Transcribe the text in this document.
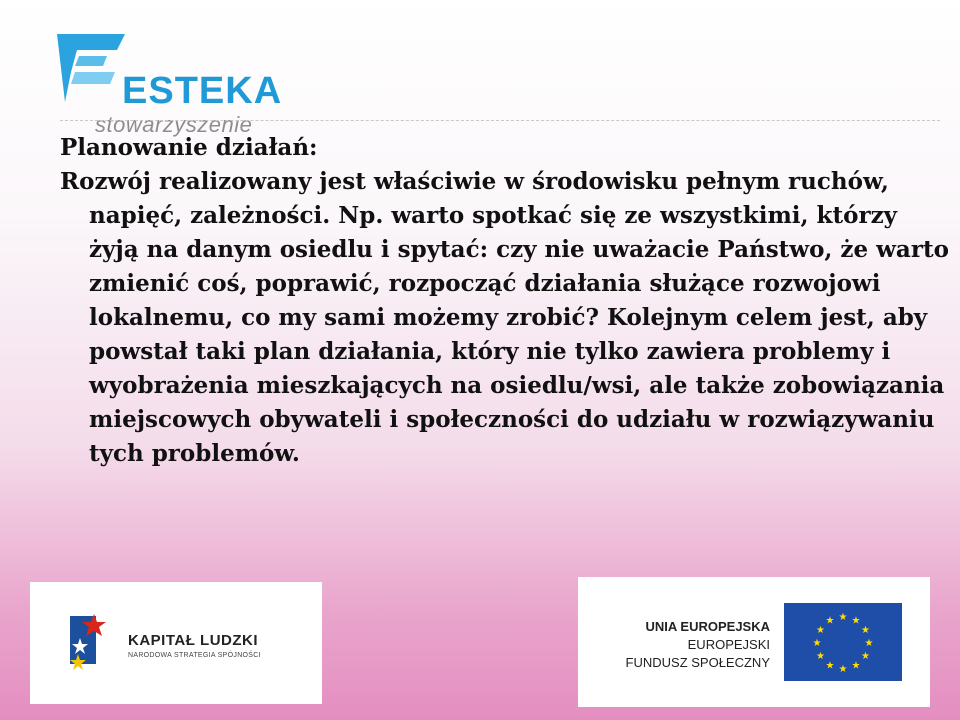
ESTEKA
stowarzyszenie
Planowanie działań:

Rozwój realizowany jest właściwie w środowisku pełnym ruchów, napięć, zależności. Np. warto spotkać się ze wszystkimi, którzy żyją na danym osiedlu i spytać: czy nie uważacie Państwo, że warto zmienić coś, poprawić, rozpocząć działania służące rozwojowi lokalnemu, co my sami możemy zrobić? Kolejnym celem jest, aby powstał taki plan działania, który nie tylko zawiera problemy i wyobrażenia mieszkających na osiedlu/wsi, ale także zobowiązania miejscowych obywateli i społeczności do udziału w rozwiązywaniu tych problemów.

KAPITAŁ LUDZKI
NARODOWA STRATEGIA SPÓJNOŚCI
UNIA EUROPEJSKA
EUROPEJSKI
FUNDUSZ SPOŁECZNY
★ ★
★
★
★
★
★
★
★
★
★
★
